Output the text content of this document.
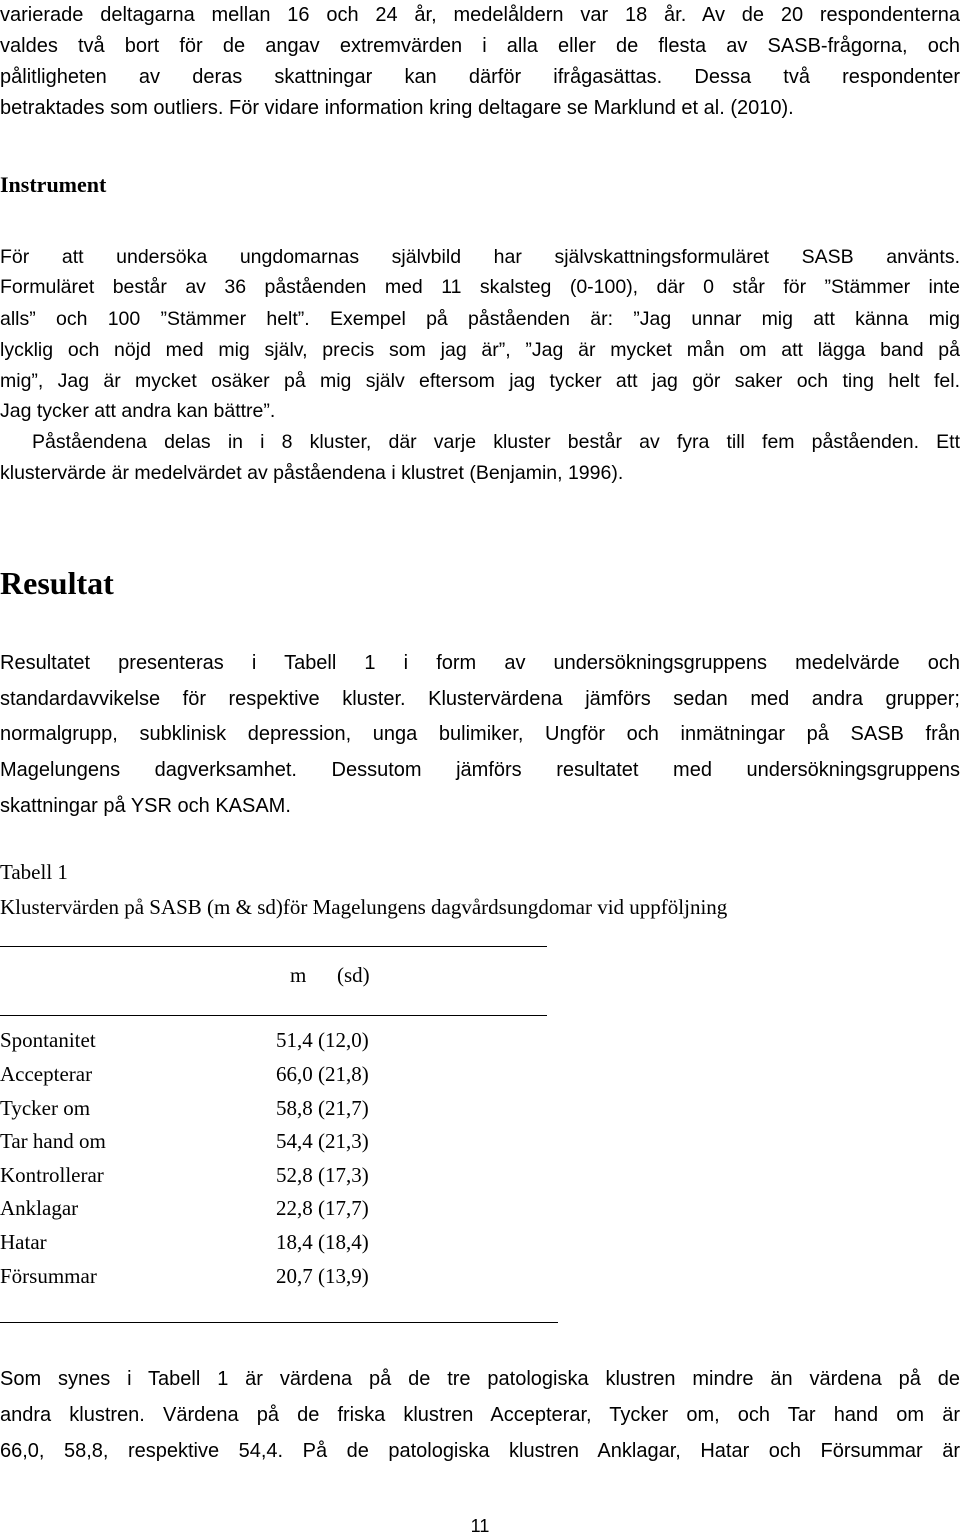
varierade deltagarna mellan 16 och 24 år, medelåldern var 18 år. Av de 20 respondenterna
valdes två bort för de angav extremvärden i alla eller de flesta av SASB-frågorna, och
pålitligheten av deras skattningar kan därför ifrågasättas. Dessa två respondenter
betraktades som outliers. För vidare information kring deltagare se Marklund et al. (2010).
Instrument
För att undersöka ungdomarnas självbild har självskattningsformuläret SASB använts.
Formuläret består av 36 påståenden med 11 skalsteg (0-100), där 0 står för ”Stämmer inte
alls” och 100 ”Stämmer helt”. Exempel på påståenden är: ”Jag unnar mig att känna mig
lycklig och nöjd med mig själv, precis som jag är”, ”Jag är mycket mån om att lägga band på
mig”, Jag är mycket osäker på mig själv eftersom jag tycker att jag gör saker och ting helt fel.
Jag tycker att andra kan bättre”.
Påståendena delas in i 8 kluster, där varje kluster består av fyra till fem påståenden. Ett
klustervärde är medelvärdet av påståendena i klustret (Benjamin, 1996).
Resultat
Resultatet presenteras i Tabell 1 i form av undersökningsgruppens medelvärde och
standardavvikelse för respektive kluster. Klustervärdena jämförs sedan med andra grupper;
normalgrupp, subklinisk depression, unga bulimiker, Ungför och inmätningar på SASB från
Magelungens dagverksamhet. Dessutom jämförs resultatet med undersökningsgruppens
skattningar på YSR och KASAM.
Tabell 1
Klustervärden på SASB (m & sd)för Magelungens dagvårdsungdomar vid uppföljning
m (sd)
Spontanitet	51,4 (12,0)
Accepterar	66,0 (21,8)
Tycker om	58,8 (21,7)
Tar hand om	54,4 (21,3)
Kontrollerar	52,8 (17,3)
Anklagar	22,8 (17,7)
Hatar	18,4 (18,4)
Försummar	20,7 (13,9)
Som synes i Tabell 1 är värdena på de tre patologiska klustren mindre än värdena på de
andra klustren. Värdena på de friska klustren Accepterar, Tycker om, och Tar hand om är
66,0, 58,8, respektive 54,4. På de patologiska klustren Anklagar, Hatar och Försummar är
11
